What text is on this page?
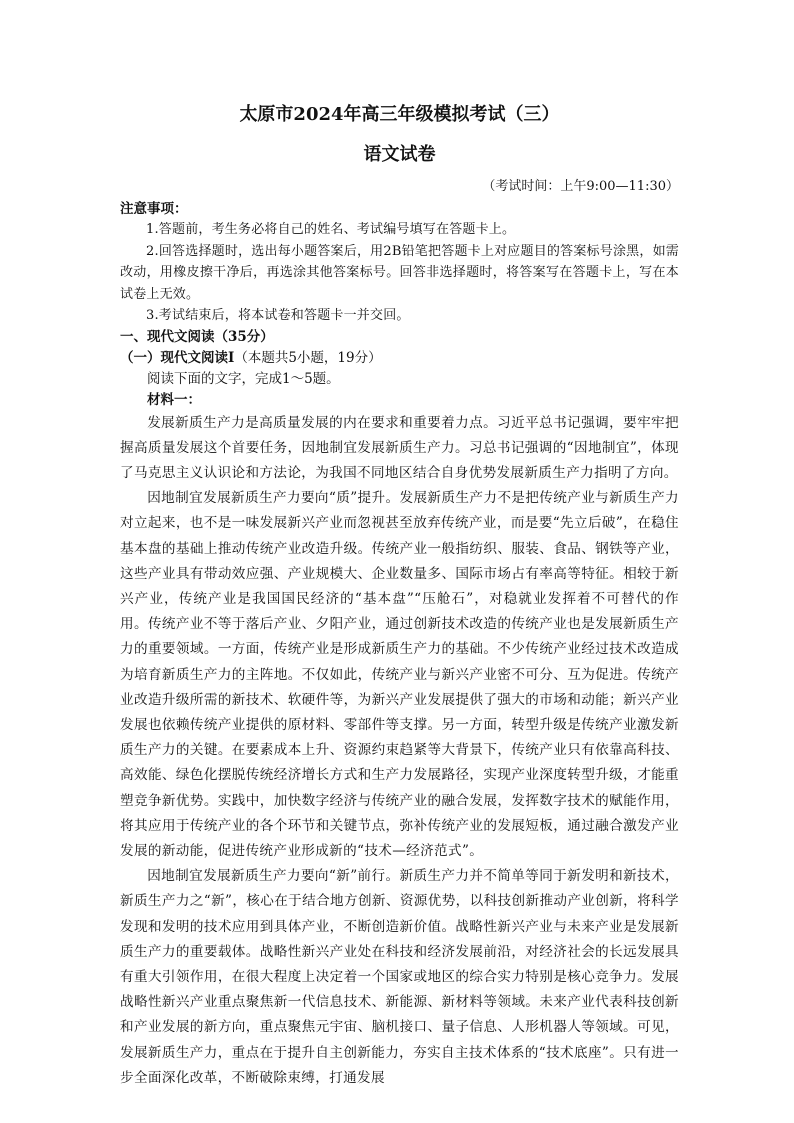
太原市2024年高三年级模拟考试（三）
语文试卷

（考试时间：上午9:00—11:30）

注意事项：

1.答题前，考生务必将自己的姓名、考试编号填写在答题卡上。

2.回答选择题时，选出每小题答案后，用2B铅笔把答题卡上对应题目的答案标号涂黑，如需改动，用橡皮擦干净后，再选涂其他答案标号。回答非选择题时，将答案写在答题卡上，写在本试卷上无效。

3.考试结束后，将本试卷和答题卡一并交回。

一、现代文阅读（35分）

（一）现代文阅读Ⅰ（本题共5小题，19分）

阅读下面的文字，完成1～5题。

材料一：

发展新质生产力是高质量发展的内在要求和重要着力点。习近平总书记强调，要牢牢把握高质量发展这个首要任务，因地制宜发展新质生产力。习总书记强调的“因地制宜”，体现了马克思主义认识论和方法论，为我国不同地区结合自身优势发展新质生产力指明了方向。

因地制宜发展新质生产力要向“质”提升。发展新质生产力不是把传统产业与新质生产力对立起来，也不是一味发展新兴产业而忽视甚至放弃传统产业，而是要“先立后破”，在稳住基本盘的基础上推动传统产业改造升级。传统产业一般指纺织、服装、食品、钢铁等产业，这些产业具有带动效应强、产业规模大、企业数量多、国际市场占有率高等特征。相较于新兴产业，传统产业是我国国民经济的“基本盘”“压舱石”，对稳就业发挥着不可替代的作用。传统产业不等于落后产业、夕阳产业，通过创新技术改造的传统产业也是发展新质生产力的重要领域。一方面，传统产业是形成新质生产力的基础。不少传统产业经过技术改造成为培育新质生产力的主阵地。不仅如此，传统产业与新兴产业密不可分、互为促进。传统产业改造升级所需的新技术、软硬件等，为新兴产业发展提供了强大的市场和动能；新兴产业发展也依赖传统产业提供的原材料、零部件等支撑。另一方面，转型升级是传统产业激发新质生产力的关键。在要素成本上升、资源约束趋紧等大背景下，传统产业只有依靠高科技、高效能、绿色化摆脱传统经济增长方式和生产力发展路径，实现产业深度转型升级，才能重塑竞争新优势。实践中，加快数字经济与传统产业的融合发展，发挥数字技术的赋能作用，将其应用于传统产业的各个环节和关键节点，弥补传统产业的发展短板，通过融合激发产业发展的新动能，促进传统产业形成新的“技术—经济范式”。

因地制宜发展新质生产力要向“新”前行。新质生产力并不简单等同于新发明和新技术，新质生产力之“新”，核心在于结合地方创新、资源优势，以科技创新推动产业创新，将科学发现和发明的技术应用到具体产业，不断创造新价值。战略性新兴产业与未来产业是发展新质生产力的重要载体。战略性新兴产业处在科技和经济发展前沿，对经济社会的长远发展具有重大引领作用，在很大程度上决定着一个国家或地区的综合实力特别是核心竞争力。发展战略性新兴产业重点聚焦新一代信息技术、新能源、新材料等领域。未来产业代表科技创新和产业发展的新方向，重点聚焦元宇宙、脑机接口、量子信息、人形机器人等领域。可见，发展新质生产力，重点在于提升自主创新能力，夯实自主技术体系的“技术底座”。只有进一步全面深化改革，不断破除束缚，打通发展
